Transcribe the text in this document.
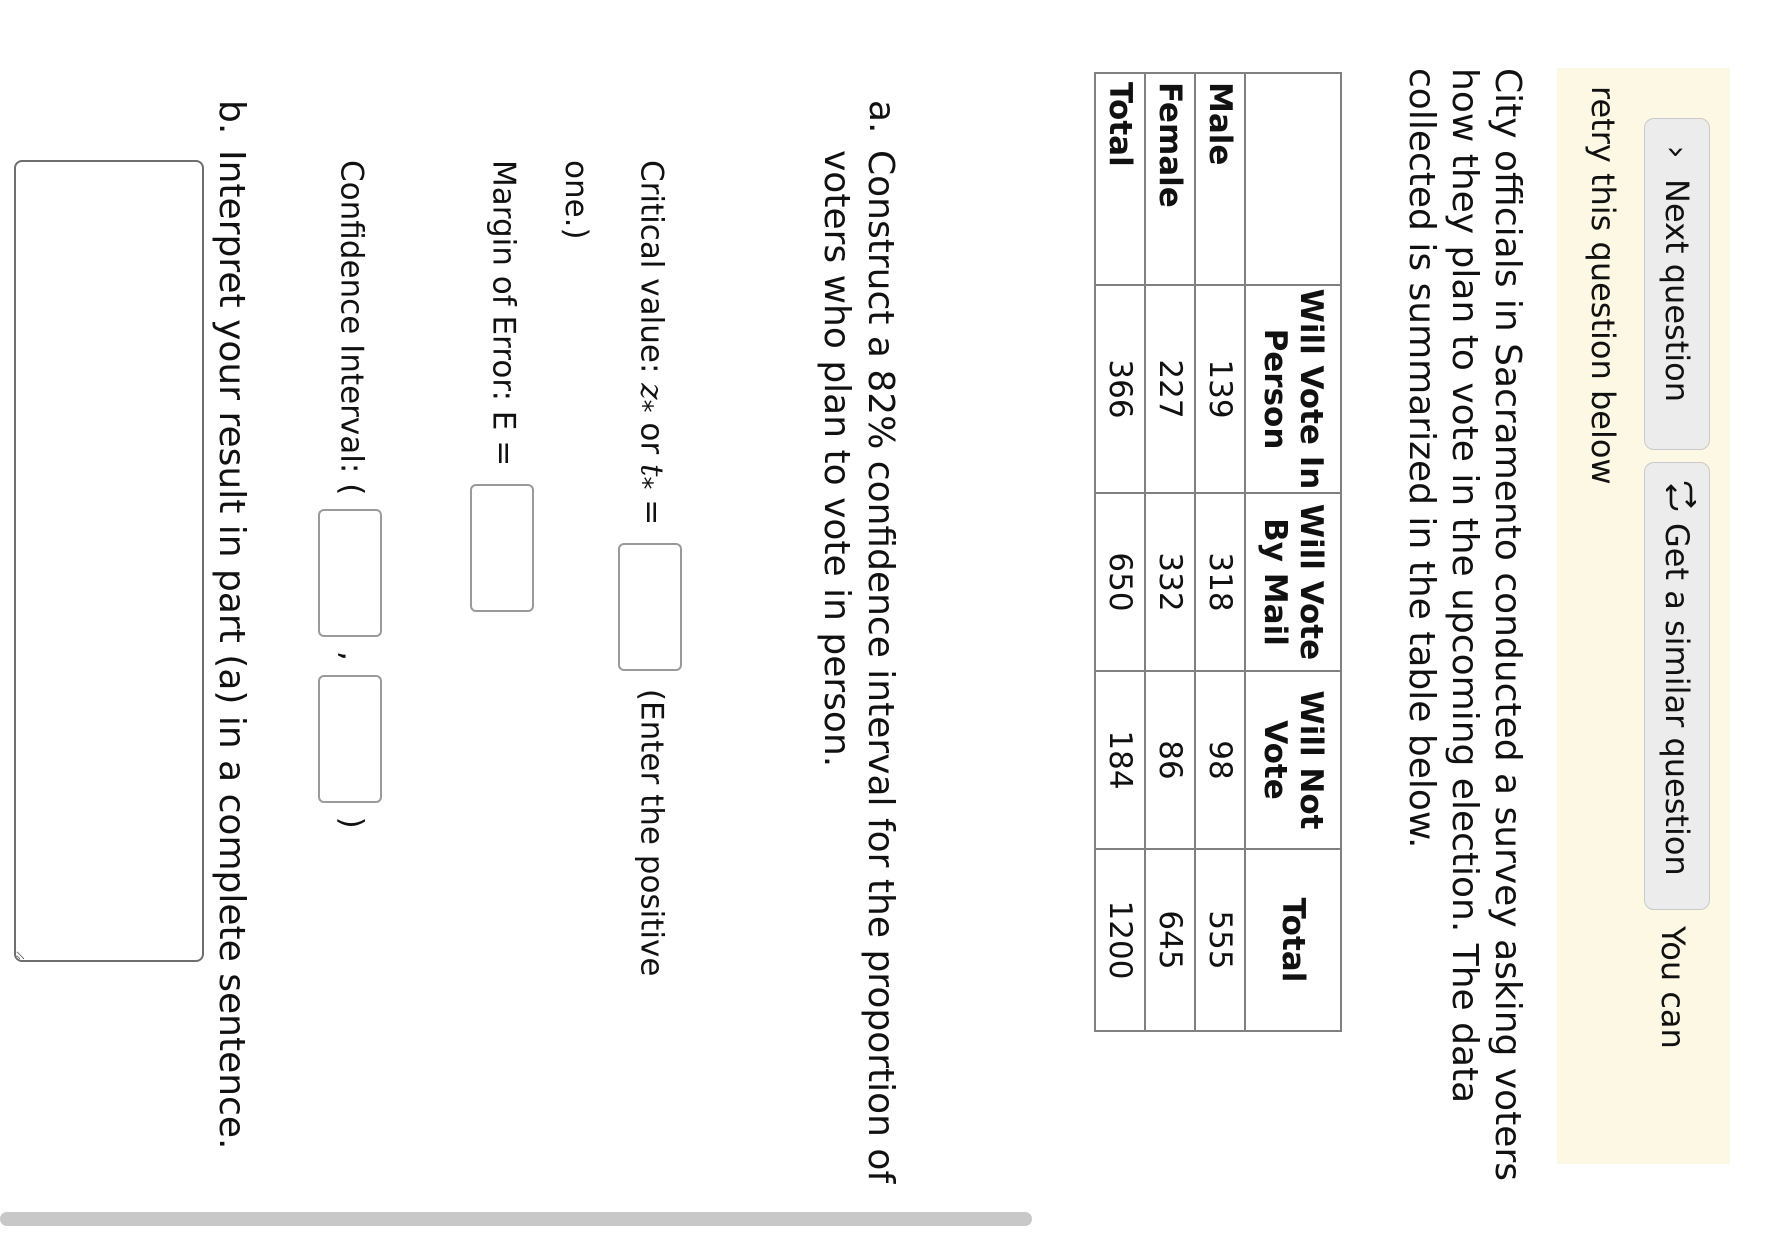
›
Next question
Get a similar question
You can
retry this question below

City officials in Sacramento conducted a survey asking voters how they plan to vote in the upcoming election. The data collected is summarized in the table below.

	Will Vote In Person	Will Vote By Mail	Will Not Vote	Total
Male	139	318	98	555
Female	227	332	86	645
Total	366	650	184	1200
a.
Construct a 82% confidence interval for the proportion of voters who plan to vote in person.
Critical value: $z_*$ or $t_*$ =  (Enter the positive
one.)
Margin of Error: E =
Confidence Interval: (  ,  )
b.
Interpret your result in part (a) in a complete sentence.
